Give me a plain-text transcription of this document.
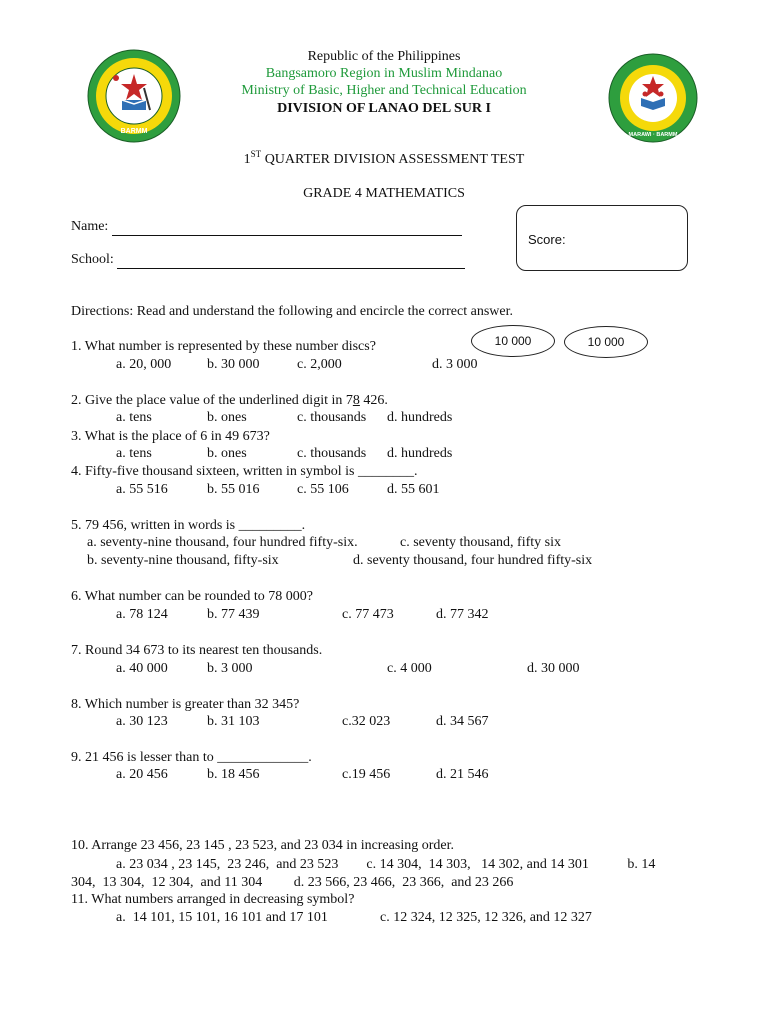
BARMM	MARAWI · BARMM
Republic of the Philippines
Bangsamoro Region in Muslim Mindanao
Ministry of Basic, Higher and Technical Education
DIVISION OF LANAO DEL SUR I
1ST QUARTER DIVISION ASSESSMENT TEST
GRADE 4 MATHEMATICS
Name:
School:
Score:
Directions: Read and understand the following and encircle the correct answer.
10 000	10 000
1. What number is represented by these number discs?
a. 20, 000	b. 30 000	c. 2,000	d. 3 000
2. Give the place value of the underlined digit in 78 426.
a. tens	b. ones	c. thousands d. hundreds
3. What is the place of 6 in 49 673?
a. tens	b. ones	c. thousands d. hundreds
4. Fifty-five thousand sixteen, written in symbol is ________.
a. 55 516	b. 55 016	c. 55 106	d. 55 601
5. 79 456, written in words is _________.
a. seventy-nine thousand, four hundred fifty-six.	c. seventy thousand, fifty six
b. seventy-nine thousand, fifty-six	d. seventy thousand, four hundred fifty-six
6. What number can be rounded to 78 000?
a. 78 124	b. 77 439	c. 77 473	d. 77 342
7. Round 34 673 to its nearest ten thousands.
a. 40 000	b. 3 000	c. 4 000	d. 30 000
8. Which number is greater than 32 345?
a. 30 123	b. 31 103	c.32 023	d. 34 567
9. 21 456 is lesser than to _____________.
a. 20 456	b. 18 456	c.19 456	d. 21 546
10. Arrange 23 456, 23 145 , 23 523, and 23 034 in increasing order.
a. 23 034 , 23 145,  23 246,  and 23 523        c. 14 304,  14 303,   14 302, and 14 301           b. 14
304,  13 304,  12 304,  and 11 304         d. 23 566, 23 466,  23 366,  and 23 266
11. What numbers arranged in decreasing symbol?
a.  14 101, 15 101, 16 101 and 17 101	c. 12 324, 12 325, 12 326, and 12 327
